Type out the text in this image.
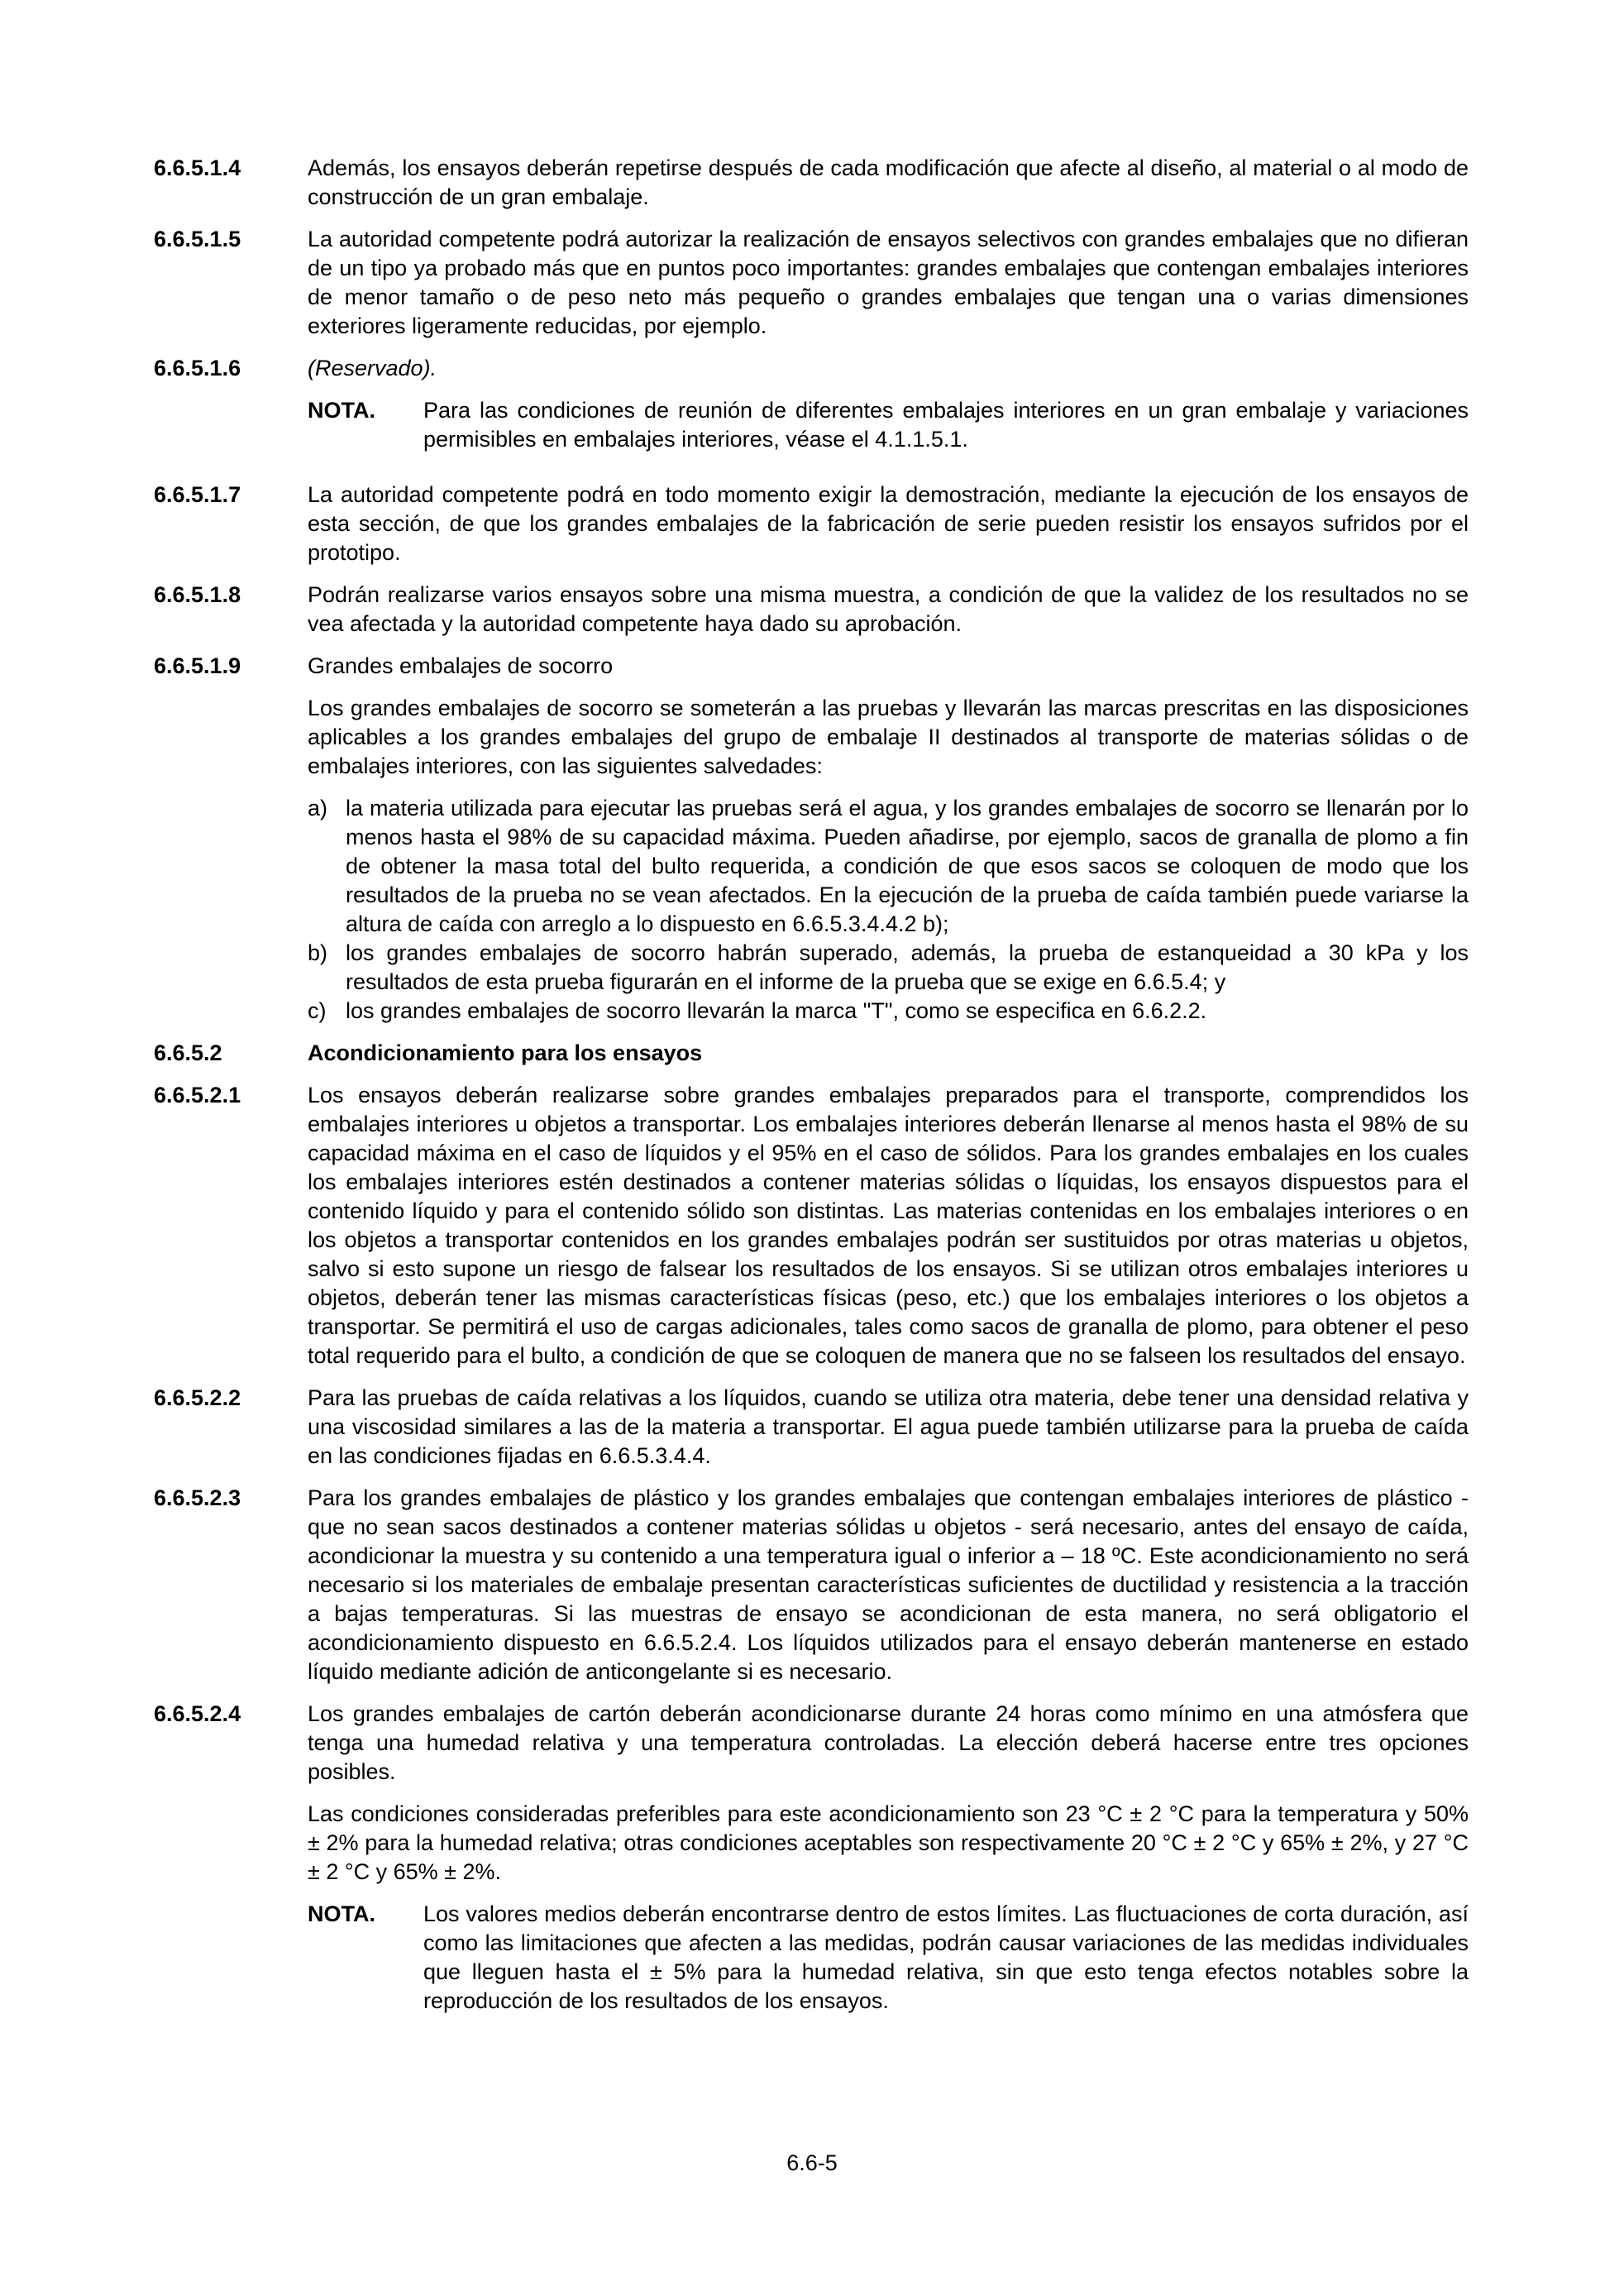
6.6.5.1.4	Además, los ensayos deberán repetirse después de cada modificación que afecte al diseño, al material o al modo de construcción de un gran embalaje.

6.6.5.1.5	La autoridad competente podrá autorizar la realización de ensayos selectivos con grandes embalajes que no difieran de un tipo ya probado más que en puntos poco importantes: grandes embalajes que contengan embalajes interiores de menor tamaño o de peso neto más pequeño o grandes embalajes que tengan una o varias dimensiones exteriores ligeramente reducidas, por ejemplo.

6.6.5.1.6	(Reservado).

NOTA.	Para las condiciones de reunión de diferentes embalajes interiores en un gran embalaje y variaciones permisibles en embalajes interiores, véase el 4.1.1.5.1.
6.6.5.1.7	La autoridad competente podrá en todo momento exigir la demostración, mediante la ejecución de los ensayos de esta sección, de que los grandes embalajes de la fabricación de serie pueden resistir los ensayos sufridos por el prototipo.

6.6.5.1.8	Podrán realizarse varios ensayos sobre una misma muestra, a condición de que la validez de los resultados no se vea afectada y la autoridad competente haya dado su aprobación.

6.6.5.1.9	Grandes embalajes de socorro

Los grandes embalajes de socorro se someterán a las pruebas y llevarán las marcas prescritas en las disposiciones aplicables a los grandes embalajes del grupo de embalaje II destinados al transporte de materias sólidas o de embalajes interiores, con las siguientes salvedades:

a) la materia utilizada para ejecutar las pruebas será el agua, y los grandes embalajes de socorro se llenarán por lo menos hasta el 98% de su capacidad máxima. Pueden añadirse, por ejemplo, sacos de granalla de plomo a fin de obtener la masa total del bulto requerida, a condición de que esos sacos se coloquen de modo que los resultados de la prueba no se vean afectados. En la ejecución de la prueba de caída también puede variarse la altura de caída con arreglo a lo dispuesto en 6.6.5.3.4.4.2 b);
b) los grandes embalajes de socorro habrán superado, además, la prueba de estanqueidad a 30 kPa y los resultados de esta prueba figurarán en el informe de la prueba que se exige en 6.6.5.4; y
c) los grandes embalajes de socorro llevarán la marca "T", como se especifica en 6.6.2.2.
6.6.5.2	Acondicionamiento para los ensayos

6.6.5.2.1	Los ensayos deberán realizarse sobre grandes embalajes preparados para el transporte, comprendidos los embalajes interiores u objetos a transportar. Los embalajes interiores deberán llenarse al menos hasta el 98% de su capacidad máxima en el caso de líquidos y el 95% en el caso de sólidos. Para los grandes embalajes en los cuales los embalajes interiores estén destinados a contener materias sólidas o líquidas, los ensayos dispuestos para el contenido líquido y para el contenido sólido son distintas. Las materias contenidas en los embalajes interiores o en los objetos a transportar contenidos en los grandes embalajes podrán ser sustituidos por otras materias u objetos, salvo si esto supone un riesgo de falsear los resultados de los ensayos. Si se utilizan otros embalajes interiores u objetos, deberán tener las mismas características físicas (peso, etc.) que los embalajes interiores o los objetos a transportar. Se permitirá el uso de cargas adicionales, tales como sacos de granalla de plomo, para obtener el peso total requerido para el bulto, a condición de que se coloquen de manera que no se falseen los resultados del ensayo.

6.6.5.2.2	Para las pruebas de caída relativas a los líquidos, cuando se utiliza otra materia, debe tener una densidad relativa y una viscosidad similares a las de la materia a transportar. El agua puede también utilizarse para la prueba de caída en las condiciones fijadas en 6.6.5.3.4.4.

6.6.5.2.3	Para los grandes embalajes de plástico y los grandes embalajes que contengan embalajes interiores de plástico - que no sean sacos destinados a contener materias sólidas u objetos - será necesario, antes del ensayo de caída, acondicionar la muestra y su contenido a una temperatura igual o inferior a – 18 ºC. Este acondicionamiento no será necesario si los materiales de embalaje presentan características suficientes de ductilidad y resistencia a la tracción a bajas temperaturas. Si las muestras de ensayo se acondicionan de esta manera, no será obligatorio el acondicionamiento dispuesto en 6.6.5.2.4. Los líquidos utilizados para el ensayo deberán mantenerse en estado líquido mediante adición de anticongelante si es necesario.

6.6.5.2.4	Los grandes embalajes de cartón deberán acondicionarse durante 24 horas como mínimo en una atmósfera que tenga una humedad relativa y una temperatura controladas. La elección deberá hacerse entre tres opciones posibles.

Las condiciones consideradas preferibles para este acondicionamiento son 23 °C ± 2 °C para la temperatura y 50% ± 2% para la humedad relativa; otras condiciones aceptables son respectivamente 20 °C ± 2 °C y 65% ± 2%, y 27 °C ± 2 °C y 65% ± 2%.

NOTA.	Los valores medios deberán encontrarse dentro de estos límites. Las fluctuaciones de corta duración, así como las limitaciones que afecten a las medidas, podrán causar variaciones de las medidas individuales que lleguen hasta el ± 5% para la humedad relativa, sin que esto tenga efectos notables sobre la reproducción de los resultados de los ensayos.
6.6-5
